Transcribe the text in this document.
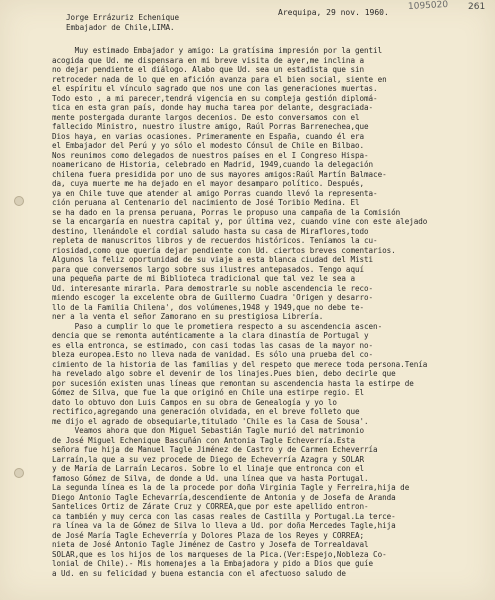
1095020 261
Arequipa, 29 nov. 1960.
Jorge Errázuriz Echenique
Embajador de Chile,LIMA.
Muy estimado Embajador y amigo: La gratísima impresión por la gentil
acogida que Ud. me dispensara en mi breve visita de ayer,me inclina a
no dejar pendiente el diálogo. Alabo que Ud. sea un estadista que sin
retroceder nada de lo que en afición avanza para el bien social, siente en
el espíritu el vínculo sagrado que nos une con las generaciones muertas.
Todo esto , a mi parecer,tendrá vigencia en su compleja gestión diplomá-
tica en esta gran país, donde hay mucha tarea por delante, desgraciada-
mente postergada durante largos decenios. De esto conversamos con el
fallecido Ministro, nuestro ilustre amigo, Raúl Porras Barrenechea,que
Dios haya, en varias ocasiones. Primeramente en España, cuando él era
el Embajador del Perú y yo sólo el modesto Cónsul de Chile en Bilbao.
Nos reunimos como delegados de nuestros países en el I Congreso Hispa-
noamericano de Historia, celebrado en Madrid, 1949,cuando la delegación
chilena fuera presidida por uno de sus mayores amigos:Raúl Martín Balmace-
da, cuya muerte me ha dejado en el mayor desamparo político. Después,
ya en Chile tuve que atender al amigo Porras cuando llevó la representa-
ción peruana al Centenario del nacimiento de José Toribio Medina. El
se ha dado en la prensa peruana, Porras le propuso una campaña de la Comisión
se la encargaría en nuestra capital y, por última vez, cuando vine con este alejado
destino, llenándole el cordial saludo hasta su casa de Miraflores,todo
repleta de manuscritos libros y de recuerdos históricos. Teníamos la cu-
riosidad,como que quería dejar pendiente con Ud. ciertos breves comentarios.
Algunos la feliz oportunidad de su viaje a esta blanca ciudad del Misti
para que conversemos largo sobre sus ilustres antepasados. Tengo aquí
una pequeña parte de mi Biblioteca tradicional que tal vez le sea a
Ud. interesante mirarla. Para demostrarle su noble ascendencia le reco-
miendo escoger la excelente obra de Guillermo Cuadra 'Origen y desarro-
llo de la Familia Chilena', dos volúmenes,1948 y 1949,que no debe te-
ner a la venta el señor Zamorano en su prestigiosa Librería.
Paso a cumplir lo que le prometiera respecto a su ascendencia ascen-
dencia que se remonta auténticamente a la clara dinastía de Portugal y
es ella entronca, se estimado, con casi todas las casas de la mayor no-
bleza europea.Esto no lleva nada de vanidad. Es sólo una prueba del co-
cimiento de la historia de las familias y del respeto que merece toda persona.Tenía
ha revelado algo sobre el devenir de los linajes.Pues bien, debo decirle que
por sucesión existen unas líneas que remontan su ascendencia hasta la estirpe de
Gómez de Silva, que fue la que originó en Chile una estirpe regio. El
dato lo obtuvo don Luis Campos en su obra de Genealogía y yo lo
rectifico,agregando una generación olvidada, en el breve folleto que
me dijo el agrado de obsequiarle,titulado 'Chile es la Casa de Sousa'.
Veamos ahora que don Miguel Sebastián Tagle murió del matrimonio
de José Miguel Echenique Bascuñán con Antonia Tagle Echeverría.Esta
señora fue hija de Manuel Tagle Jiménez de Castro y de Carmen Echeverría
Larraín,la que a su vez procede de Diego de Echeverría Azagra y SOLAR
y de María de Larraín Lecaros. Sobre lo el linaje que entronca con el
famoso Gómez de Silva, de donde a Ud. una línea que va hasta Portugal.
La segunda línea es la de la procede por doña Virginia Tagle y Ferreira,hija de
Diego Antonio Tagle Echevarría,descendiente de Antonia y de Josefa de Aranda
Santelices Ortiz de Zárate Cruz y CORREA,que por este apellido entron-
ca también y muy cerca con las casas reales de Castilla y Portugal.La terce-
ra línea va la de Gómez de Silva lo lleva a Ud. por doña Mercedes Tagle,hija
de José María Tagle Echeverría y Dolores Plaza de los Reyes y CORREA;
nieta de José Antonio Tagle Jiménez de Castro y Josefa de Torrealdaval
SOLAR,que es los hijos de los marqueses de la Pica.(Ver:Espejo,Nobleza Co-
lonial de Chile).- Mis homenajes a la Embajadora y pido a Dios que guíe
a Ud. en su felicidad y buena estancia con el afectuoso saludo de
